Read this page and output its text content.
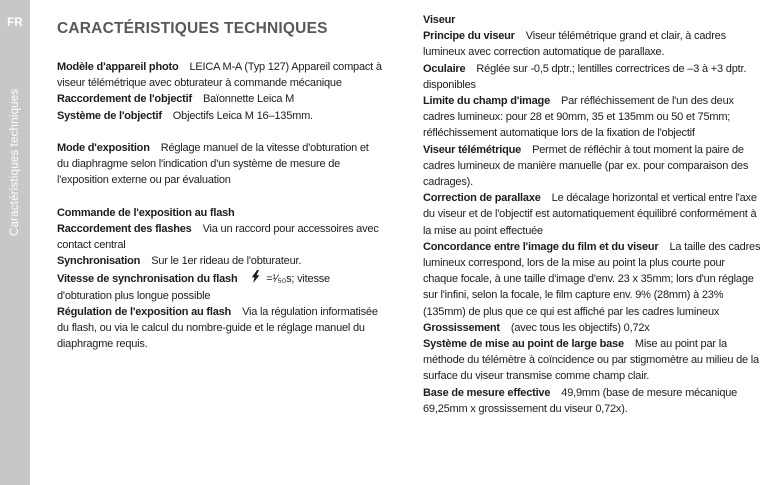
FR
Caractéristiques techniques
CARACTÉRISTIQUES TECHNIQUES

Modèle d'appareil photo LEICA M-A (Typ 127) Appareil compact à viseur télémétrique avec obturateur à commande mécanique

Raccordement de l'objectif Baïonnette Leica M

Système de l'objectif Objectifs Leica M 16–135mm.

Mode d'exposition Réglage manuel de la vitesse d'obturation et du diaphragme selon l'indication d'un système de mesure de l'exposition externe ou par évaluation

Commande de l'exposition au flash

Raccordement des flashes Via un raccord pour accessoires avec contact central

Synchronisation Sur le 1er rideau de l'obturateur.

Vitesse de synchronisation du flash	=¹⁄₅₀s; vitesse d'obturation plus longue possible

Régulation de l'exposition au flash Via la régulation informatisée du flash, ou via le calcul du nombre-guide et le réglage manuel du diaphragme requis.

Viseur

Principe du viseur Viseur télémétrique grand et clair, à cadres lumineux avec correction automatique de parallaxe.

Oculaire Réglée sur -0,5 dptr.; lentilles correctrices de –3 à +3 dptr. disponibles

Limite du champ d'image Par réfléchissement de l'un des deux cadres lumineux: pour 28 et 90mm, 35 et 135mm ou 50 et 75mm; réfléchissement automatique lors de la fixation de l'objectif

Viseur télémétrique Permet de réfléchir à tout moment la paire de cadres lumineux de manière manuelle (par ex. pour comparaison des cadrages).

Correction de parallaxe Le décalage horizontal et vertical entre l'axe du viseur et de l'objectif est automatiquement équilibré conformément à la mise au point effectuée

Concordance entre l'image du film et du viseur La taille des cadres lumineux correspond, lors de la mise au point la plus courte pour chaque focale, à une taille d'image d'env. 23 x 35mm; lors d'un réglage sur l'infini, selon la focale, le film capture env. 9% (28mm) à 23% (135mm) de plus que ce qui est affiché par les cadres lumineux

Grossissement (avec tous les objectifs) 0,72x

Système de mise au point de large base Mise au point par la méthode du télémètre à coïncidence ou par stigmomètre au milieu de la surface du viseur transmise comme champ clair.

Base de mesure effective 49,9mm (base de mesure mécanique 69,25mm x grossissement du viseur 0,72x).
